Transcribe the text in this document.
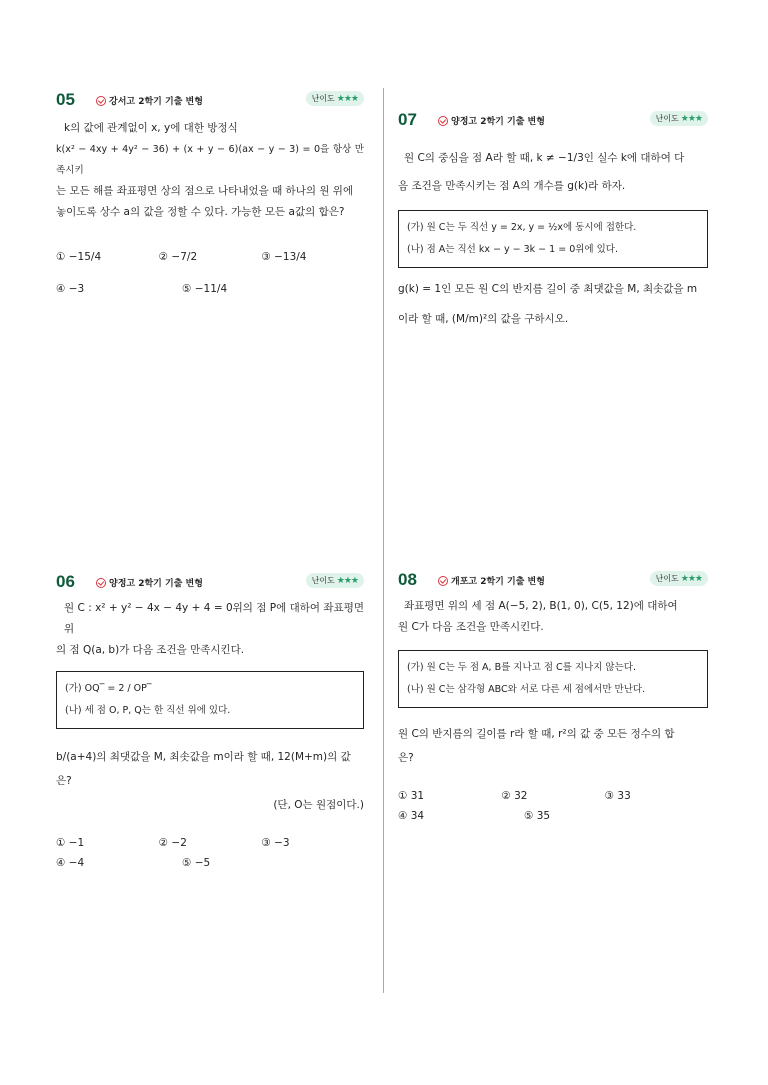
05	강서고 2학기 기출 변형	난이도 ★★★
k의 값에 관계없이 x, y에 대한 방정식
k(x² − 4xy + 4y² − 36) + (x + y − 6)(ax − y − 3) = 0을 항상 만족시키
는 모든 해를 좌표평면 상의 점으로 나타내었을 때 하나의 원 위에
놓이도록 상수 a의 값을 정할 수 있다. 가능한 모든 a값의 합은?
① −15/4	② −7/2	③ −13/4
④ −3	⑤ −11/4
07	양정고 2학기 기출 변형	난이도 ★★★
원 C의 중심을 점 A라 할 때, k ≠ −1/3인 실수 k에 대하여 다
음 조건을 만족시키는 점 A의 개수를 g(k)라 하자.
(가) 원 C는 두 직선 y = 2x, y = ½x에 동시에 접한다.
(나) 점 A는 직선 kx − y − 3k − 1 = 0위에 있다.
g(k) = 1인 모든 원 C의 반지름 길이 중 최댓값을 M, 최솟값을 m
이라 할 때, (M/m)²의 값을 구하시오.
06	양정고 2학기 기출 변형	난이도 ★★★
원 C : x² + y² − 4x − 4y + 4 = 0위의 점 P에 대하여 좌표평면 위
의 점 Q(a, b)가 다음 조건을 만족시킨다.
(가) OQ‾ = 2 / OP‾
(나) 세 점 O, P, Q는 한 직선 위에 있다.
b/(a+4)의 최댓값을 M, 최솟값을 m이라 할 때, 12(M+m)의 값
은?
(단, O는 원점이다.)
① −1	② −2	③ −3
④ −4	⑤ −5
08	개포고 2학기 기출 변형	난이도 ★★★
좌표평면 위의 세 점 A(−5, 2), B(1, 0), C(5, 12)에 대하여
원 C가 다음 조건을 만족시킨다.
(가) 원 C는 두 점 A, B를 지나고 점 C를 지나지 않는다.
(나) 원 C는 삼각형 ABC와 서로 다른 세 점에서만 만난다.
원 C의 반지름의 길이를 r라 할 때, r²의 값 중 모든 정수의 합
은?
① 31	② 32	③ 33
④ 34	⑤ 35
